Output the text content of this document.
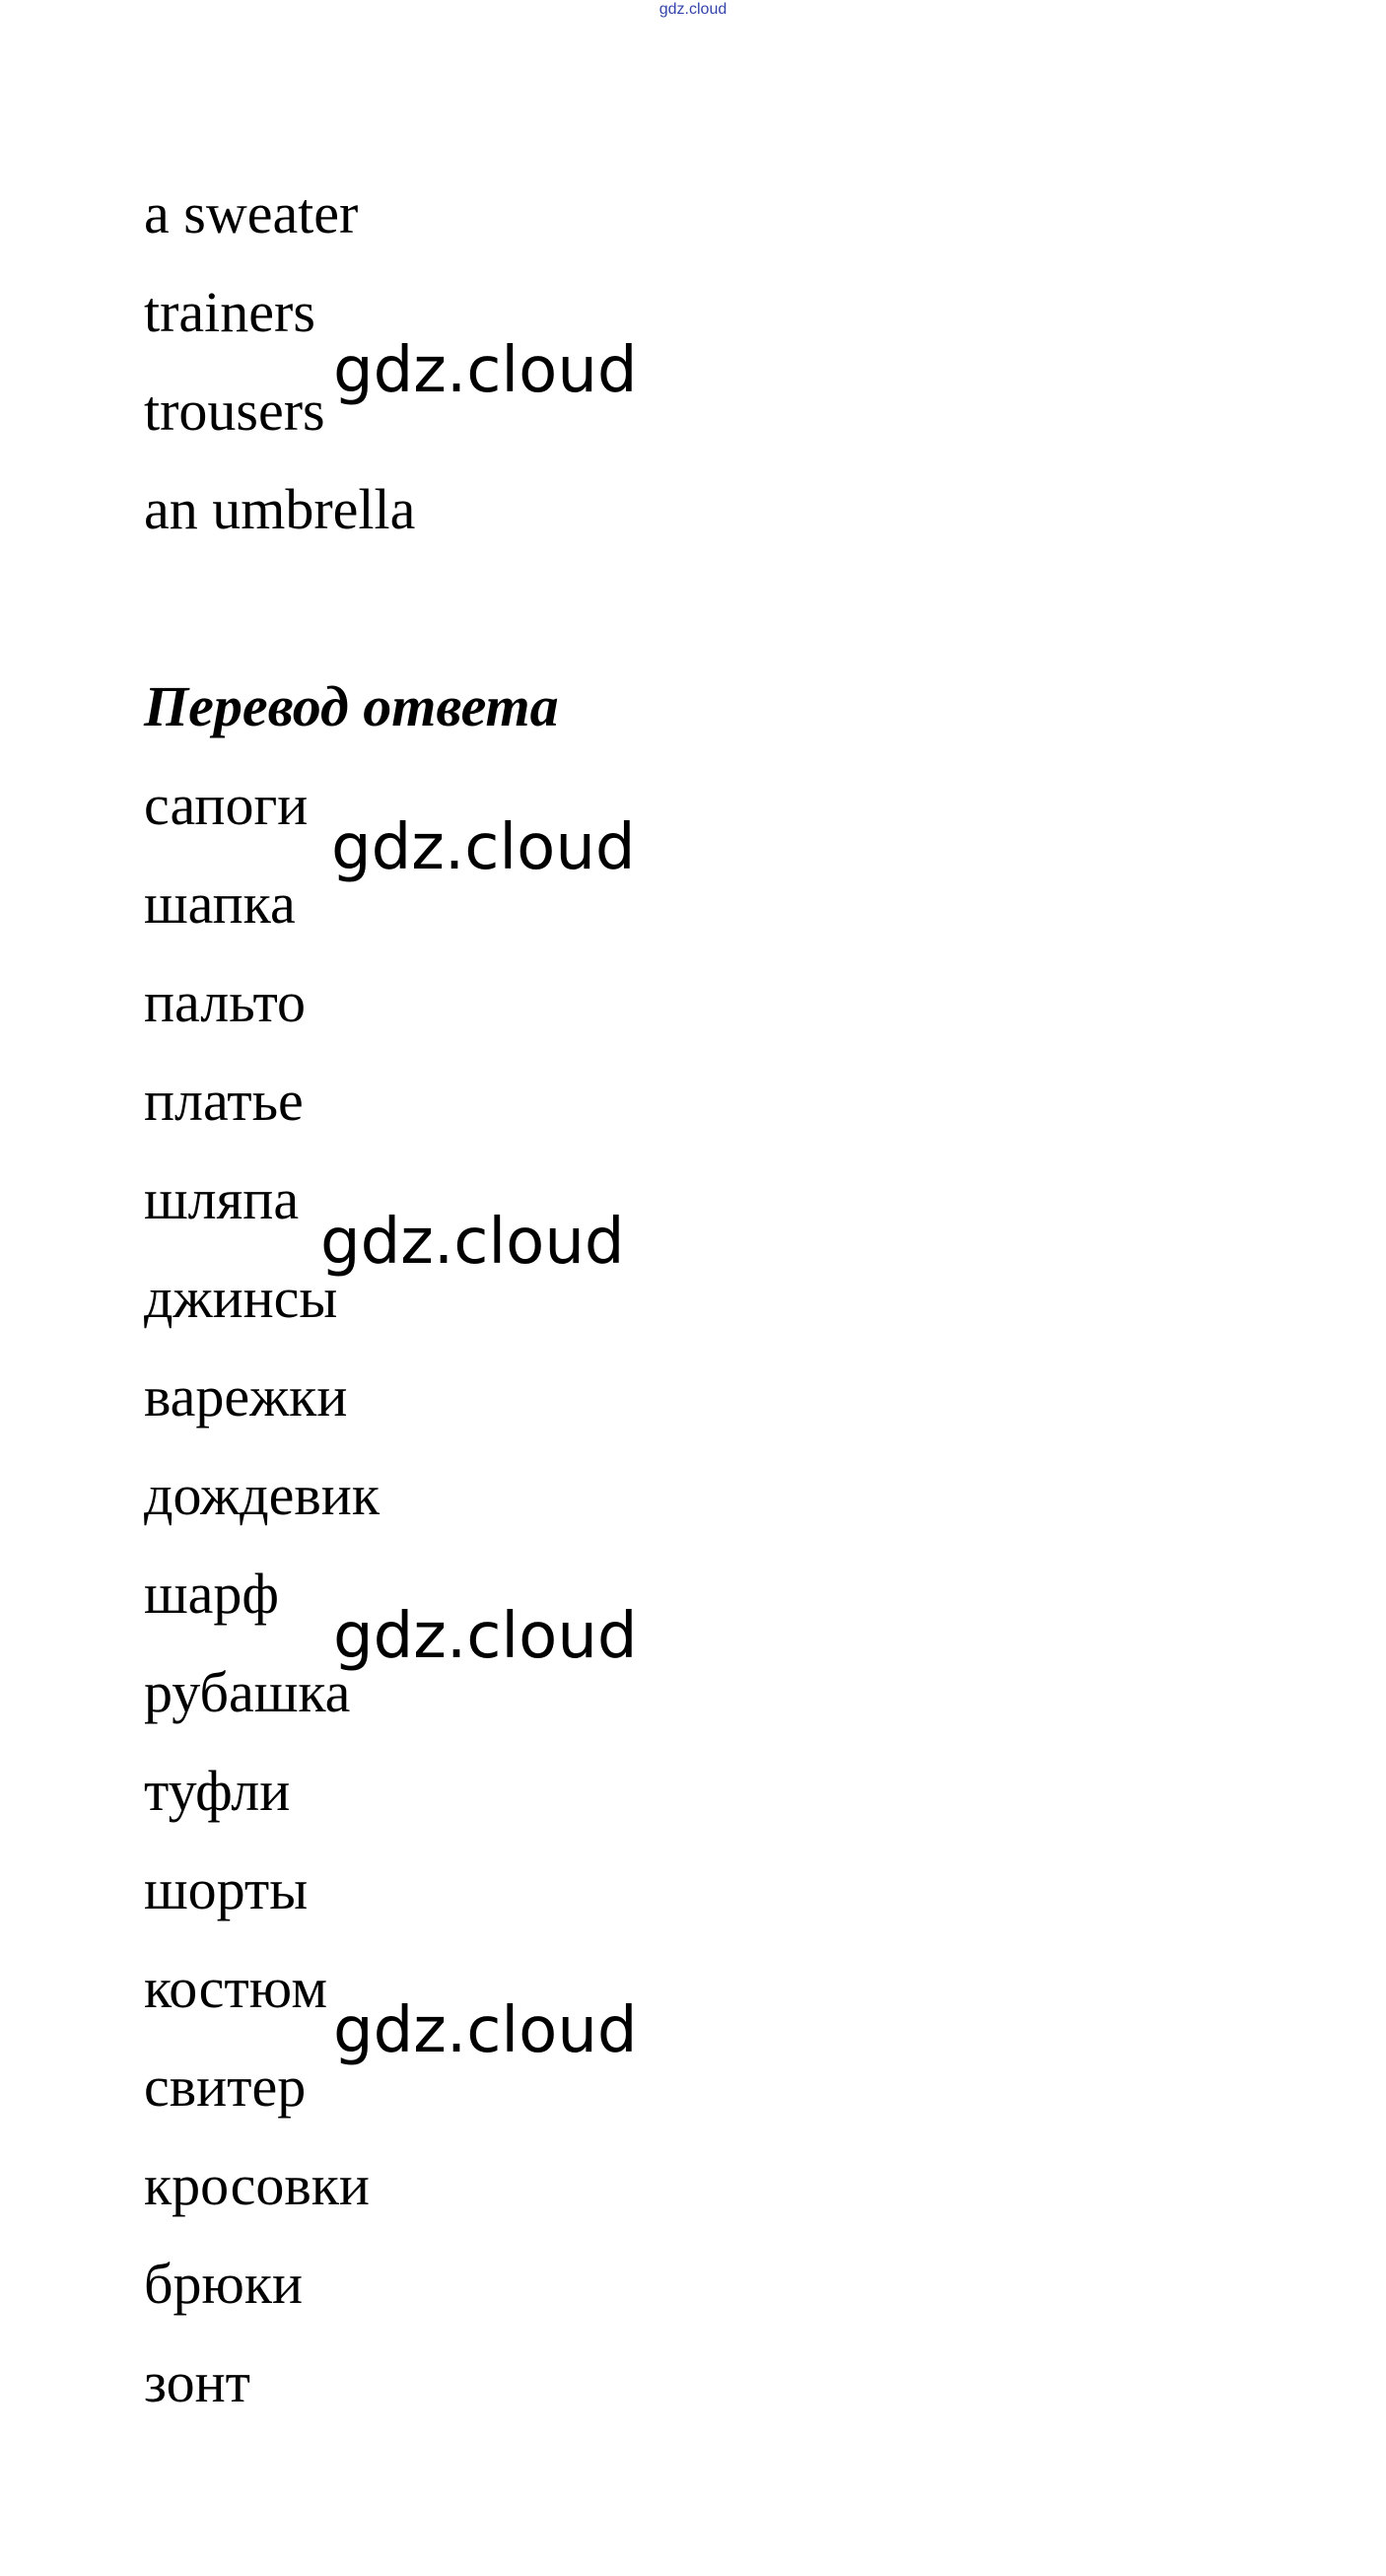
gdz.cloud
a sweater
trainers
trousers
an umbrella
Перевод ответа
сапоги
шапка
пальто
платье
шляпа
джинсы
варежки
дождевик
шарф
рубашка
туфли
шорты
костюм
свитер
кросовки
брюки
зонт
gdz.cloud
gdz.cloud
gdz.cloud
gdz.cloud
gdz.cloud
